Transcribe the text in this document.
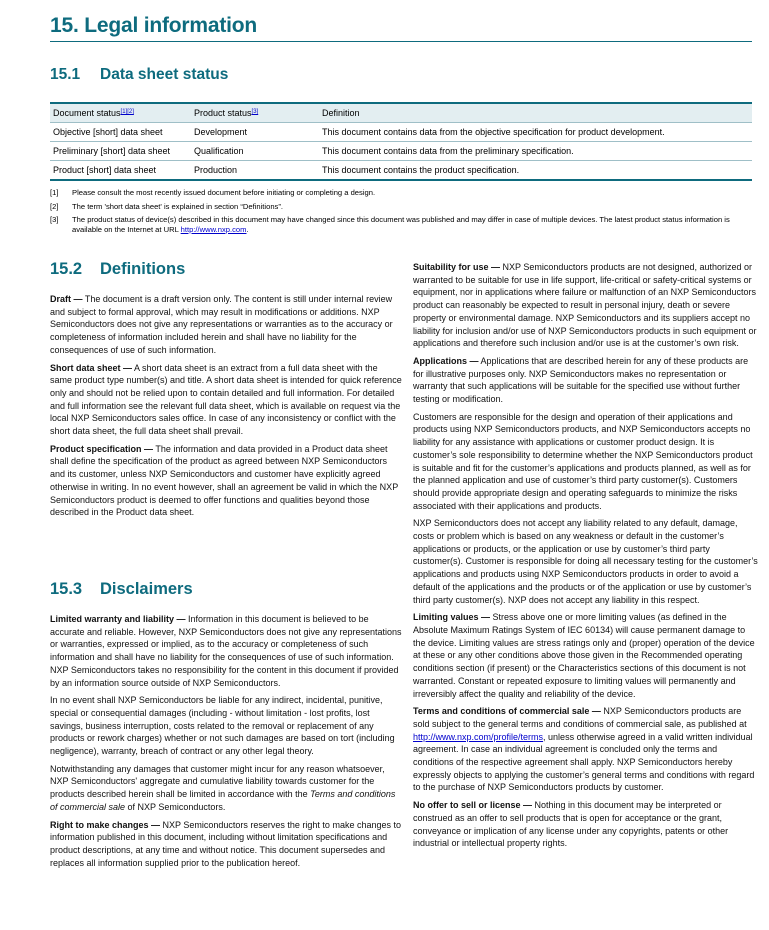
15. Legal information
15.1 Data sheet status
Document status[1][2]	Product status[3]	Definition
Objective [short] data sheet	Development	This document contains data from the objective specification for product development.
Preliminary [short] data sheet	Qualification	This document contains data from the preliminary specification.
Product [short] data sheet	Production	This document contains the product specification.
[1]	Please consult the most recently issued document before initiating or completing a design.
[2]	The term 'short data sheet' is explained in section “Definitions”.
[3]	The product status of device(s) described in this document may have changed since this document was published and may differ in case of multiple devices. The latest product status information is available on the Internet at URL http://www.nxp.com.
15.2 Definitions

Draft — The document is a draft version only. The content is still under internal review and subject to formal approval, which may result in modifications or additions. NXP Semiconductors does not give any representations or warranties as to the accuracy or completeness of information included herein and shall have no liability for the consequences of use of such information.

Short data sheet — A short data sheet is an extract from a full data sheet with the same product type number(s) and title. A short data sheet is intended for quick reference only and should not be relied upon to contain detailed and full information. For detailed and full information see the relevant full data sheet, which is available on request via the local NXP Semiconductors sales office. In case of any inconsistency or conflict with the short data sheet, the full data sheet shall prevail.

Product specification — The information and data provided in a Product data sheet shall define the specification of the product as agreed between NXP Semiconductors and its customer, unless NXP Semiconductors and customer have explicitly agreed otherwise in writing. In no event however, shall an agreement be valid in which the NXP Semiconductors product is deemed to offer functions and qualities beyond those described in the Product data sheet.

15.3 Disclaimers

Limited warranty and liability — Information in this document is believed to be accurate and reliable. However, NXP Semiconductors does not give any representations or warranties, expressed or implied, as to the accuracy or completeness of such information and shall have no liability for the consequences of use of such information. NXP Semiconductors takes no responsibility for the content in this document if provided by an information source outside of NXP Semiconductors.

In no event shall NXP Semiconductors be liable for any indirect, incidental, punitive, special or consequential damages (including - without limitation - lost profits, lost savings, business interruption, costs related to the removal or replacement of any products or rework charges) whether or not such damages are based on tort (including negligence), warranty, breach of contract or any other legal theory.

Notwithstanding any damages that customer might incur for any reason whatsoever, NXP Semiconductors' aggregate and cumulative liability towards customer for the products described herein shall be limited in accordance with the Terms and conditions of commercial sale of NXP Semiconductors.

Right to make changes — NXP Semiconductors reserves the right to make changes to information published in this document, including without limitation specifications and product descriptions, at any time and without notice. This document supersedes and replaces all information supplied prior to the publication hereof.

Suitability for use — NXP Semiconductors products are not designed, authorized or warranted to be suitable for use in life support, life-critical or safety-critical systems or equipment, nor in applications where failure or malfunction of an NXP Semiconductors product can reasonably be expected to result in personal injury, death or severe property or environmental damage. NXP Semiconductors and its suppliers accept no liability for inclusion and/or use of NXP Semiconductors products in such equipment or applications and therefore such inclusion and/or use is at the customer’s own risk.

Applications — Applications that are described herein for any of these products are for illustrative purposes only. NXP Semiconductors makes no representation or warranty that such applications will be suitable for the specified use without further testing or modification.

Customers are responsible for the design and operation of their applications and products using NXP Semiconductors products, and NXP Semiconductors accepts no liability for any assistance with applications or customer product design. It is customer’s sole responsibility to determine whether the NXP Semiconductors product is suitable and fit for the customer’s applications and products planned, as well as for the planned application and use of customer’s third party customer(s). Customers should provide appropriate design and operating safeguards to minimize the risks associated with their applications and products.

NXP Semiconductors does not accept any liability related to any default, damage, costs or problem which is based on any weakness or default in the customer’s applications or products, or the application or use by customer’s third party customer(s). Customer is responsible for doing all necessary testing for the customer’s applications and products using NXP Semiconductors products in order to avoid a default of the applications and the products or of the application or use by customer’s third party customer(s). NXP does not accept any liability in this respect.

Limiting values — Stress above one or more limiting values (as defined in the Absolute Maximum Ratings System of IEC 60134) will cause permanent damage to the device. Limiting values are stress ratings only and (proper) operation of the device at these or any other conditions above those given in the Recommended operating conditions section (if present) or the Characteristics sections of this document is not warranted. Constant or repeated exposure to limiting values will permanently and irreversibly affect the quality and reliability of the device.

Terms and conditions of commercial sale — NXP Semiconductors products are sold subject to the general terms and conditions of commercial sale, as published at http://www.nxp.com/profile/terms, unless otherwise agreed in a valid written individual agreement. In case an individual agreement is concluded only the terms and conditions of the respective agreement shall apply. NXP Semiconductors hereby expressly objects to applying the customer’s general terms and conditions with regard to the purchase of NXP Semiconductors products by customer.

No offer to sell or license — Nothing in this document may be interpreted or construed as an offer to sell products that is open for acceptance or the grant, conveyance or implication of any license under any copyrights, patents or other industrial or intellectual property rights.
